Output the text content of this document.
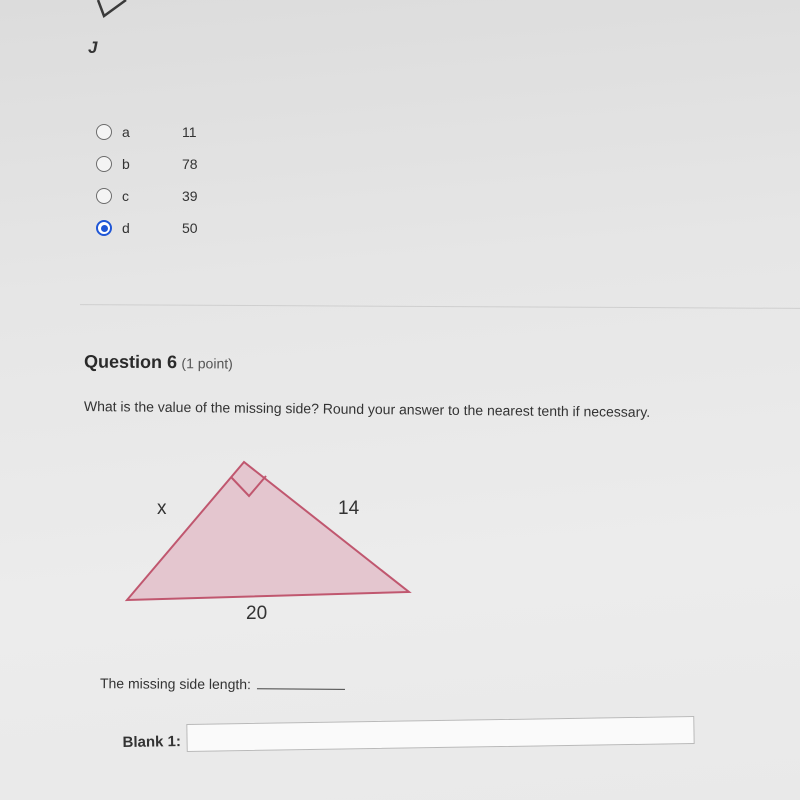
J
a	11
b	78
c	39
d	50
Question 6 (1 point)
What is the value of the missing side? Round your answer to the nearest tenth if necessary.
x	14
20
The missing side length:
Blank 1:
